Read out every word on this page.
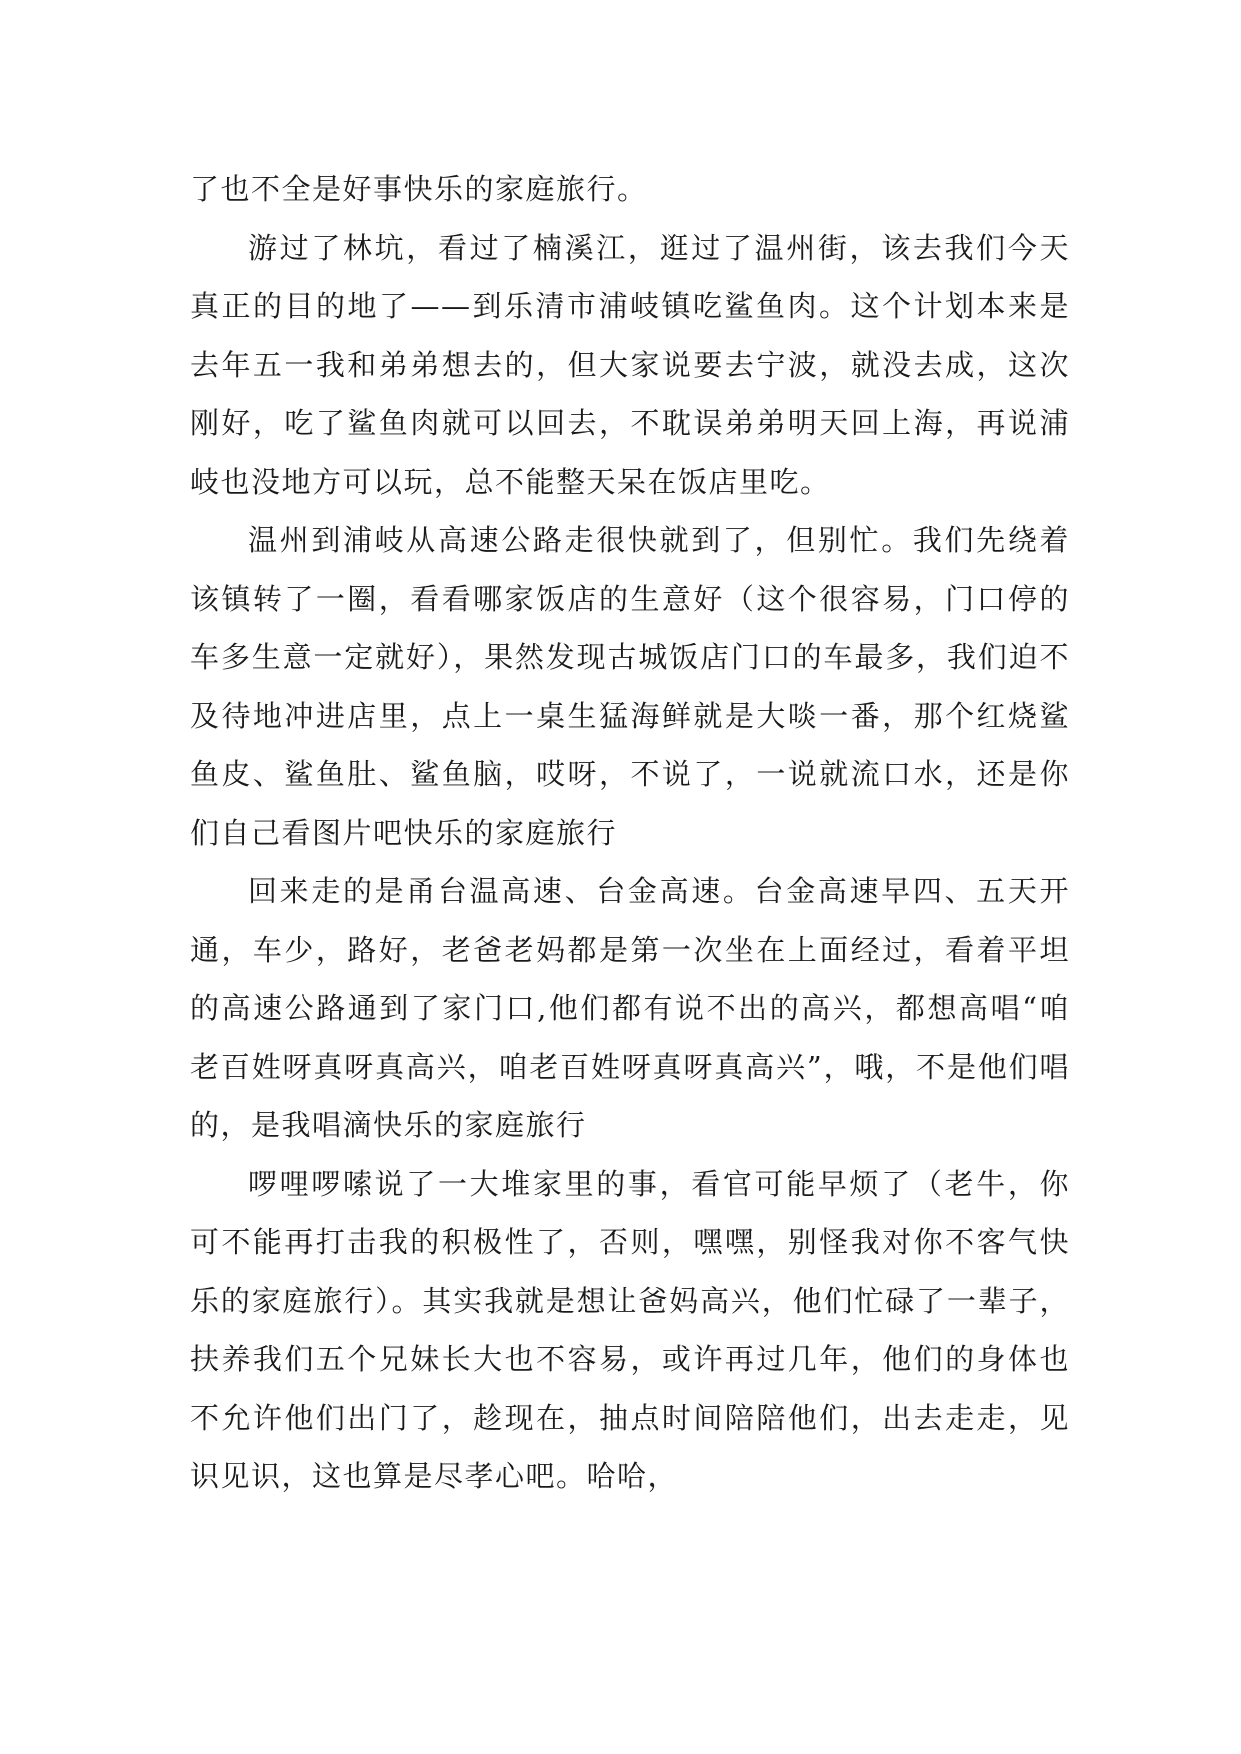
了也不全是好事快乐的家庭旅行。

游过了林坑，看过了楠溪江，逛过了温州街，该去我们今天真正的目的地了——到乐清市浦岐镇吃鲨鱼肉。这个计划本来是去年五一我和弟弟想去的，但大家说要去宁波，就没去成，这次刚好，吃了鲨鱼肉就可以回去，不耽误弟弟明天回上海，再说浦岐也没地方可以玩，总不能整天呆在饭店里吃。

温州到浦岐从高速公路走很快就到了，但别忙。我们先绕着该镇转了一圈，看看哪家饭店的生意好（这个很容易，门口停的车多生意一定就好），果然发现古城饭店门口的车最多，我们迫不及待地冲进店里，点上一桌生猛海鲜就是大啖一番，那个红烧鲨鱼皮、鲨鱼肚、鲨鱼脑，哎呀，不说了，一说就流口水，还是你们自己看图片吧快乐的家庭旅行

回来走的是甬台温高速、台金高速。台金高速早四、五天开通，车少，路好，老爸老妈都是第一次坐在上面经过，看着平坦的高速公路通到了家门口,他们都有说不出的高兴，都想高唱“咱老百姓呀真呀真高兴，咱老百姓呀真呀真高兴”，哦，不是他们唱的，是我唱滴快乐的家庭旅行

啰哩啰嗦说了一大堆家里的事，看官可能早烦了（老牛，你可不能再打击我的积极性了，否则，嘿嘿，别怪我对你不客气快乐的家庭旅行）。其实我就是想让爸妈高兴，他们忙碌了一辈子，扶养我们五个兄妹长大也不容易，或许再过几年，他们的身体也不允许他们出门了，趁现在，抽点时间陪陪他们，出去走走，见识见识，这也算是尽孝心吧。哈哈，
